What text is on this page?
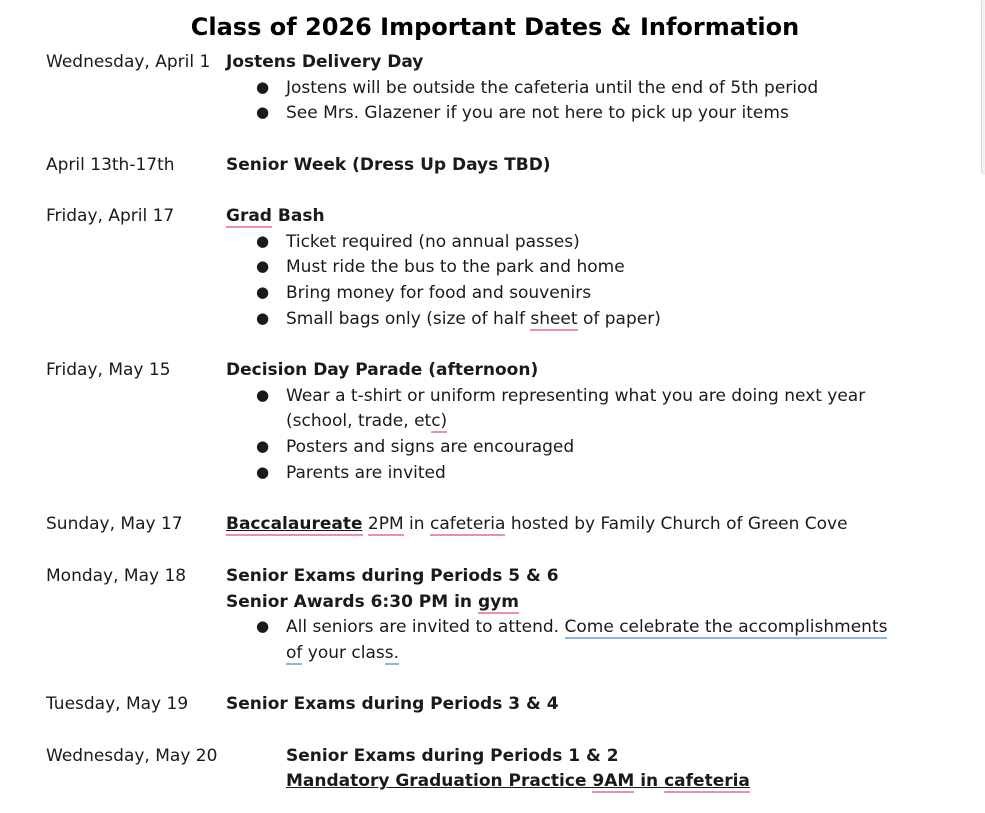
Class of 2026 Important Dates & Information
Wednesday, April 1 Jostens Delivery Day
● Jostens will be outside the cafeteria until the end of 5th period
● See Mrs. Glazener if you are not here to pick up your items
April 13th-17th	Senior Week (Dress Up Days TBD)
Friday, April 17	Grad Bash
● Ticket required (no annual passes)
● Must ride the bus to the park and home
● Bring money for food and souvenirs
● Small bags only (size of half sheet of paper)
Friday, May 15	Decision Day Parade (afternoon)
● Wear a t-shirt or uniform representing what you are doing next year
(school, trade, etc)
● Posters and signs are encouraged
● Parents are invited
Sunday, May 17	Baccalaureate 2PM in cafeteria hosted by Family Church of Green Cove
Monday, May 18 Senior Exams during Periods 5 & 6
Senior Awards 6:30 PM in gym
● All seniors are invited to attend. Come celebrate the accomplishments
of your class.
Tuesday, May 19 Senior Exams during Periods 3 & 4
Wednesday, May 20	Senior Exams during Periods 1 & 2
Mandatory Graduation Practice 9AM in cafeteria
